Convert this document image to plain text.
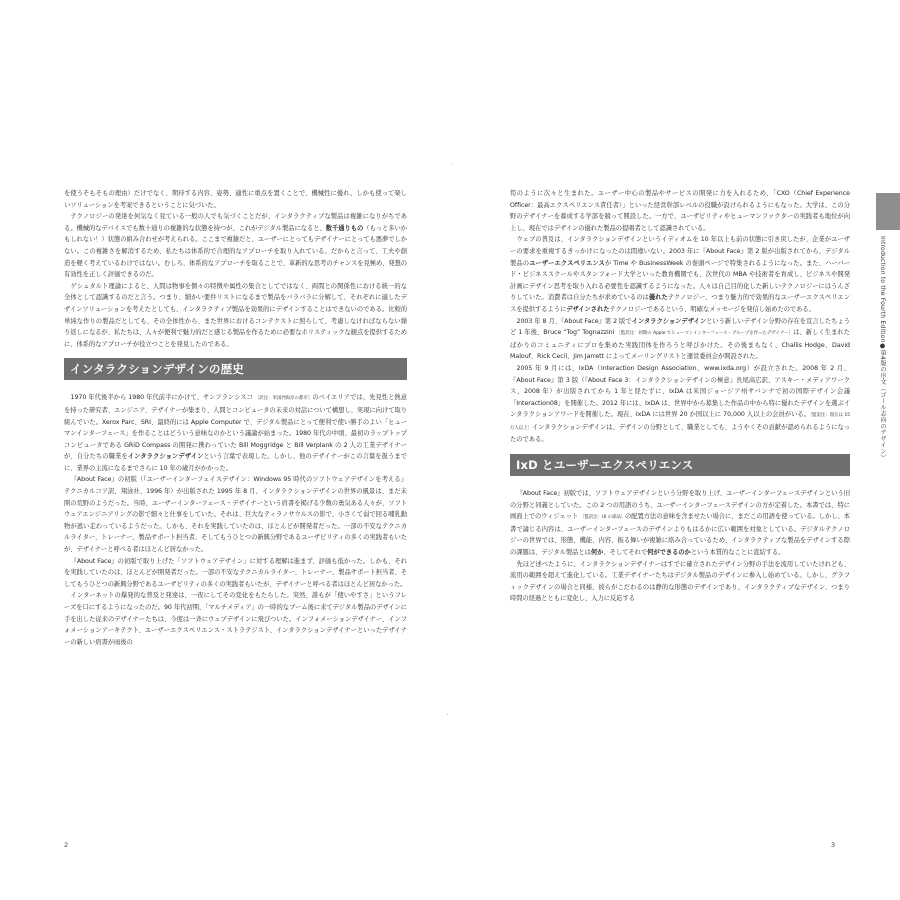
を使うそもそもの理由）だけでなく、期待する内容、姿勢、適性に重点を置くことで、機械性に優れ、しかも使って楽しいソリューションを考案できるということに気づいた。

テクノロジーの発達を何気なく見ている一般の人でも気づくことだが、インタラクティブな製品は複雑になりがちである。機械的なデバイスでも数十通りの複雑的な状態を持つが、これがデジタル製品になると、数千通りもの（もっと多いかもしれない！）状態の組み合わせが考えられる。ここまで複雑だと、ユーザーにとってもデザイナーにとっても悪夢でしかない。この複雑さを解消するため、私たちは体系的で合理的なアプローチを取り入れている。だからと言って、工夫や創造を軽く考えているわけではない。むしろ、体系的なアプローチを取ることで、革新的な思考のチャンスを見極め、発想の有効性を正しく評価できるのだ。

ゲシュタルト理論によると、人間は物事を個々の特徴や属性の集合としてではなく、両間との関係性における統一的な全体として認識するのだと言う。つまり、細かい要件リストになるまで製品をバラバラに分解して、それぞれに適したデザインソリューションを考えたとしても、インタラクティブ製品を効果的にデザインすることはできないのである。比較的単純な作りの製品だとしても、その全体性から、また世界におけるコンテクストに照らして、考慮しなければならない繰り返しになるが、私たちは、人々が便利で魅力的だと感じる製品を作るために必要なホリスティックな観点を提供するために、体系的なアプローチが役立つことを発見したのである。

インタラクションデザインの歴史

1970 年代後半から 1980 年代前半にかけて、サンフランシスコ ［訳注：米国西海岸の都市］のベイエリアでは、先見性と熱意を持った研究者、エンジニア、デザイナーが集まり、人間とコンピュータの未来の対話について構想し、実現に向けて取り組んでいた。Xerox Parc、SRI、最終的には Apple Computer で、デジタル製品にとって便利で使い勝手のよい「ヒューマンインターフェース」を作ることはどういう意味なのかという議論が始まった。1980 年代の中頃、最初のラップトップコンピュータである GRiD Compass の開発に携わっていた Bill Moggridge と Bill Verplank の 2 人の工業デザイナーが、自分たちの職業をインタラクションデザインという言葉で表現した。しかし、他のデザイナーがこの言葉を扱うまでに、業界の主流になるまでさらに 10 年の歳月がかかった。

『About Face』の初版（『ユーザーインターフェイスデザイン：Windows 95 時代のソフトウェアデザインを考える』テクニカルコア訳、翔泳社、1996 年）が出版された 1995 年 8 月、インタラクションデザインの世界の風景は、まだ未開の荒野のようだった。当時、ユーザーインターフェース・デザイナーという肩書を掲げる少数の勇気ある人々が、ソフトウェアエンジニアリングの影で細々と仕事をしていた。それは、巨大なティラノサウルスの影で、小さくて弱で回る哺乳動物が逃い走わっているようだった。しかも、それを実践していたのは、ほとんどが開発者だった。一部の不安なテクニカルライター、トレーナー、製品サポート担当者、そしてもうひとつの新興分野であるユーザビリティの多くの実践者もいたが、デザイナーと呼べる者はほとんど居なかった。

『About Face』の初版で取り上げた「ソフトウェアデザイン」に対する理解は進まず、評価も低かった。しかも、それを実践していたのは、ほとんどが開発者だった。一部の不安なテクニカルライター、トレーナー、製品サポート担当者、そしてもうひとつの新興分野であるユーザビリティの多くの実践者もいたが、デザイナーと呼べる者はほとんど居なかった。

インターネットの爆発的な普及と発達は、一夜にしてその変化をもたらした。突然、誰もが「使いやすさ」というフレーズを口にするようになったのだ。90 年代初期、「マルチメディア」の一時的なブーム後に来てデジタル製品のデザインに手を出した従来のデザイナーたちは、今度は一斉にウェブデザインに飛びついた。インフォメーションデザイナー、インフォメーションアーキテクト、ユーザーエクスペリエンス・ストラテジスト、インタラクションデザイナーといったデザイナーの新しい肩書が雨後の

筍のように次々と生まれた。ユーザー中心の製品やサービスの開発に力を入れるため、「CXO（Chief Experience Officer：最高エクスペリエンス責任者）」といった経営幹部レベルの役職が設けられるようにもなった。大学は、この分野のデザイナーを養成する学部を競って開設した。一方で、ユーザビリティやヒューマンファクターの実践者も地位が向上し、現在ではデザインの優れた製品の提唱者として認識されている。

ウェブの普及は、インタラクションデザインというイディオムを 10 年以上も前の状態に引き戻したが、企業がユーザーの要求を重視するきっかけになったのは間違いない。2003 年に『About Face』第 2 版が出版されてから、デジタル製品のユーザーエクスペリエンスが Time や BusinessWeek の巻頭ページで特集されるようになった。また、ハーバード・ビジネススクールやスタンフォード大学といった教育機関でも、次世代の MBA や技術者を育成し、ビジネスや開発計画にデザイン思考を取り入れる必要性を認識するようになった。人々は自己目的化した新しいテクノロジーにはうんざりしていた。消費者は自分たちが求めているのは優れたテクノロジー、つまり魅力的で効果的なユーザーエクスペリエンスを提供するようにデザインされたテクノロジーであるという、明確なメッセージを発信し始めたのである。

2003 年 8 月、『About Face』第 2 版でインタラクションデザインという新しいデザイン分野の存在を宣言したちょうど 1 年後、Bruce “Tog” Tognazzini ［監訳注：初期の Apple でヒューマンインターフェース・グループを作ったデザイナー］は、新しく生まれたばかりのコミュニティにプロを集めた実践団体を作ろうと呼びかけた。その後まもなく、Challis Hodge、David Malouf、Rick Cecil、Jim Jarrett によってメーリングリストと運営委員会が開設された。

2005 年 9 月には、IxDA（Interaction Design Association、www.ixda.org）が設立された。2008 年 2 月、『About Face』第 3 版（『About Face 3：インタラクションデザインの極意』長尾高広訳、アスキー・メディアワークス、2008 年）が出版されてから 1 年と経たずに、IxDA は米国ジョージア州サバンナで初の国際デザイン会議「Interaction08」を開催した。2012 年には、IxDA は、世界中から募集した作品の中から特に優れたデザインを選ぶインタラクションアワードを開催した。現在、IxDA には世界 20 か国以上に 70,000 人以上の会員がいる。［監訳注：現在は 15 万人以上］インタラクションデザインは、デザインの分野として、職業としても、ようやくその貢献が認められるようになったのである。

IxD とユーザーエクスペリエンス

『About Face』初版では、ソフトウェアデザインという分野を取り上げ、ユーザーインターフェースデザインという旧の分野と同義としていた。この 2 つの用語のうち、ユーザーインターフェースデザインの方が定着した。本書では、特に画面上でのウィジェット ［監訳注：UI の部品］の配置方法の意味を含ませたい場合に、まだこの用語を使っている。しかし、本書で論じる内容は、ユーザーインターフェースのデザインよりもはるかに広い範囲を対象としている。デジタルテクノロジーの世界では、形態、機能、内容、振る舞いが複雑に絡み合っているため、インタラクティブな製品をデザインする際の課題は、デジタル製品とは何か、そしてそれで何ができるのかという本質的なことに直結する。

先ほど述べたように、インタラクションデザイナーはすでに確立されたデザイン分野の手法を流用していたけれども、流用の範囲を超えて進化している。工業デザイナーたちはデジタル製品のデザインに参入し始めている。しかし、グラフィックデザインの場合と同様、彼らがこだわるのは静的な形態のデザインであり、インタラクティブなデザイン、つまり時間の経過とともに変化し、入力に反応する

2	3
Introduction to the Fourth Edition●第4版の序文（ゴール志向のデザイン）
